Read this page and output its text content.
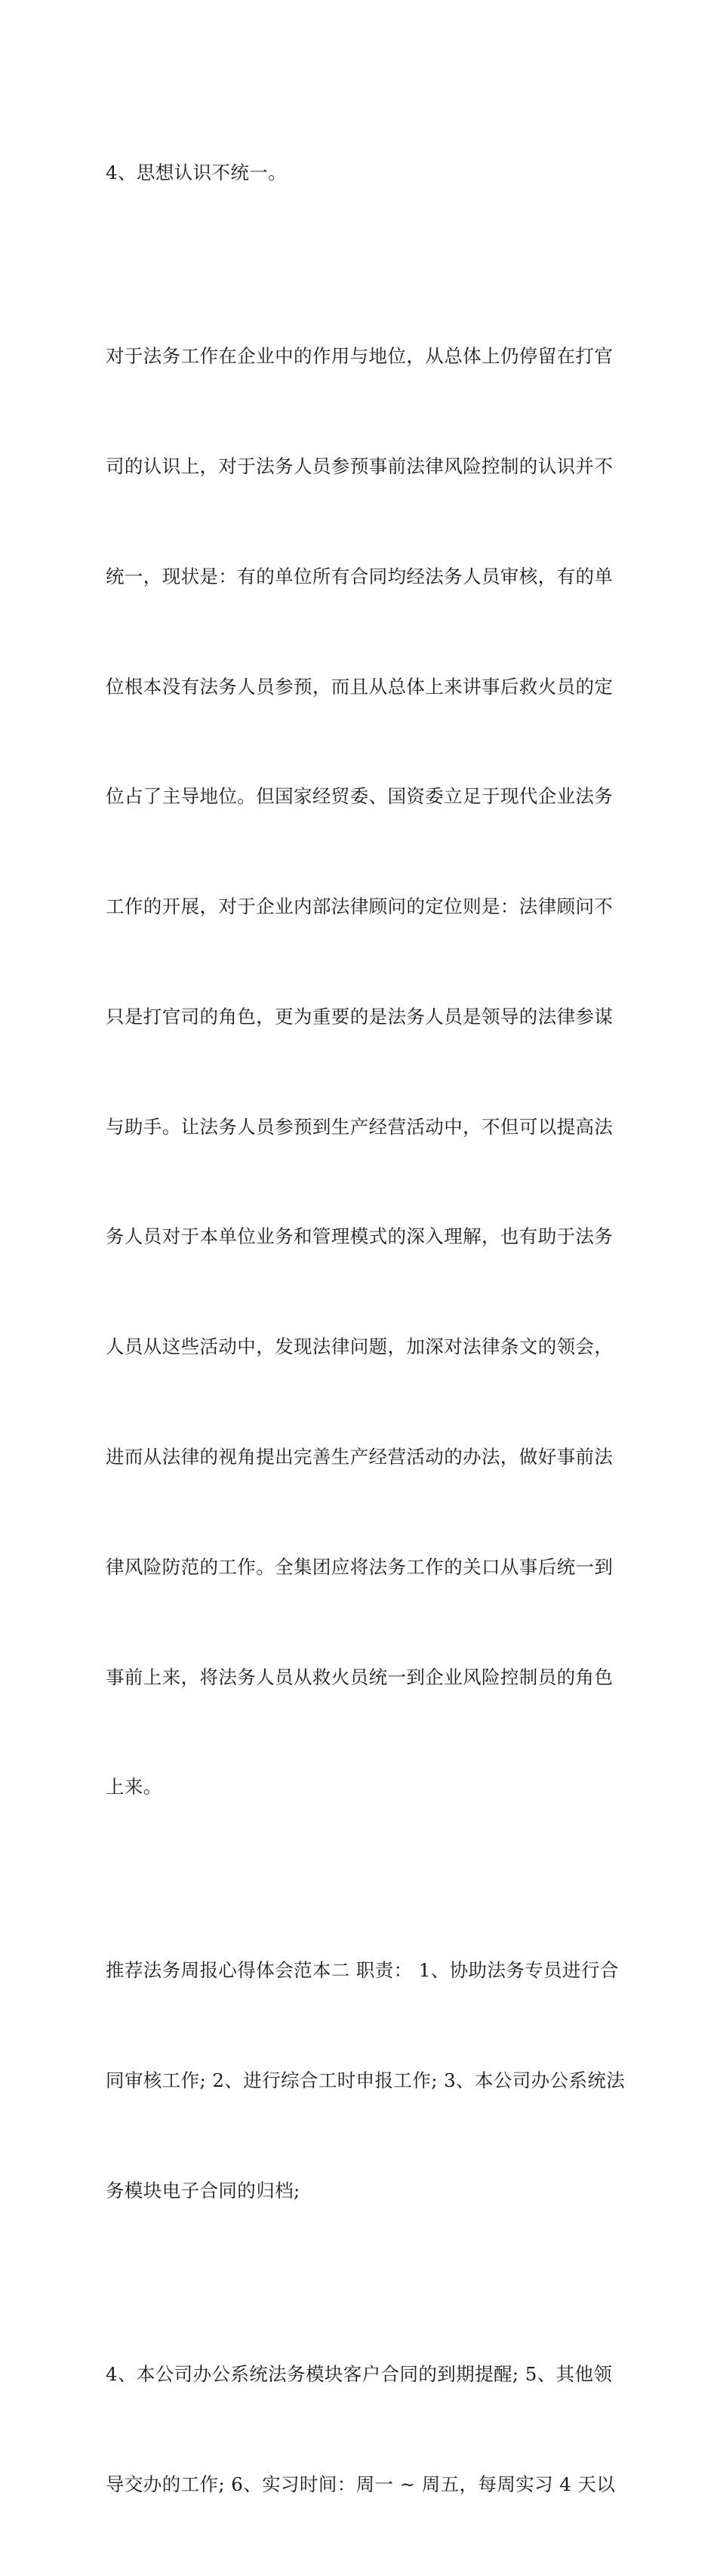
4、思想认识不统一。

对于法务工作在企业中的作用与地位，从总体上仍停留在打官

司的认识上，对于法务人员参预事前法律风险控制的认识并不

统一，现状是：有的单位所有合同均经法务人员审核，有的单

位根本没有法务人员参预，而且从总体上来讲事后救火员的定

位占了主导地位。但国家经贸委、国资委立足于现代企业法务

工作的开展，对于企业内部法律顾问的定位则是：法律顾问不

只是打官司的角色，更为重要的是法务人员是领导的法律参谋

与助手。让法务人员参预到生产经营活动中，不但可以提高法

务人员对于本单位业务和管理模式的深入理解，也有助于法务

人员从这些活动中，发现法律问题，加深对法律条文的领会，

进而从法律的视角提出完善生产经营活动的办法，做好事前法

律风险防范的工作。全集团应将法务工作的关口从事后统一到

事前上来，将法务人员从救火员统一到企业风险控制员的角色

上来。

推荐法务周报心得体会范本二 职责： 1、协助法务专员进行合

同审核工作; 2、进行综合工时申报工作; 3、本公司办公系统法

务模块电子合同的归档;

4、本公司办公系统法务模块客户合同的到期提醒; 5、其他领

导交办的工作; 6、实习时间：周一 ~ 周五，每周实习 4 天以
